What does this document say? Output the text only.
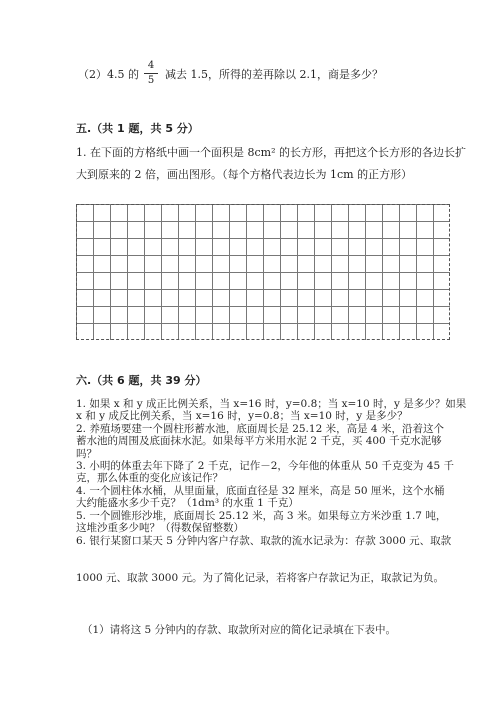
（2）4.5 的
4
5 减去 1.5，所得的差再除以 2.1，商是多少？
五.（共 1 题，共 5 分）
1. 在下面的方格纸中画一个面积是 8cm² 的长方形，再把这个长方形的各边长扩
大到原来的 2 倍，画出图形。（每个方格代表边长为 1cm 的正方形）
六.（共 6 题，共 39 分）
1. 如果 x 和 y 成正比例关系，当 x=16 时，y=0.8；当 x=10 时，y 是多少？如果
x 和 y 成反比例关系，当 x=16 时，y=0.8；当 x=10 时，y 是多少？
2. 养殖场要建一个圆柱形蓄水池，底面周长是 25.12 米，高是 4 米，沿着这个
蓄水池的周围及底面抹水泥。如果每平方米用水泥 2 千克，买 400 千克水泥够
吗？
3. 小明的体重去年下降了 2 千克，记作－2，今年他的体重从 50 千克变为 45 千
克，那么体重的变化应该记作？
4. 一个圆柱体水桶，从里面量，底面直径是 32 厘米，高是 50 厘米，这个水桶
大约能盛水多少千克？（1dm³ 的水重 1 千克）
5. 一个圆锥形沙堆，底面周长 25.12 米，高 3 米。如果每立方米沙重 1.7 吨，
这堆沙重多少吨？（得数保留整数）
6. 银行某窗口某天 5 分钟内客户存款、取款的流水记录为：存款 3000 元、取款
1000 元、取款 3000 元。为了简化记录，若将客户存款记为正，取款记为负。
（1）请将这 5 分钟内的存款、取款所对应的简化记录填在下表中。
